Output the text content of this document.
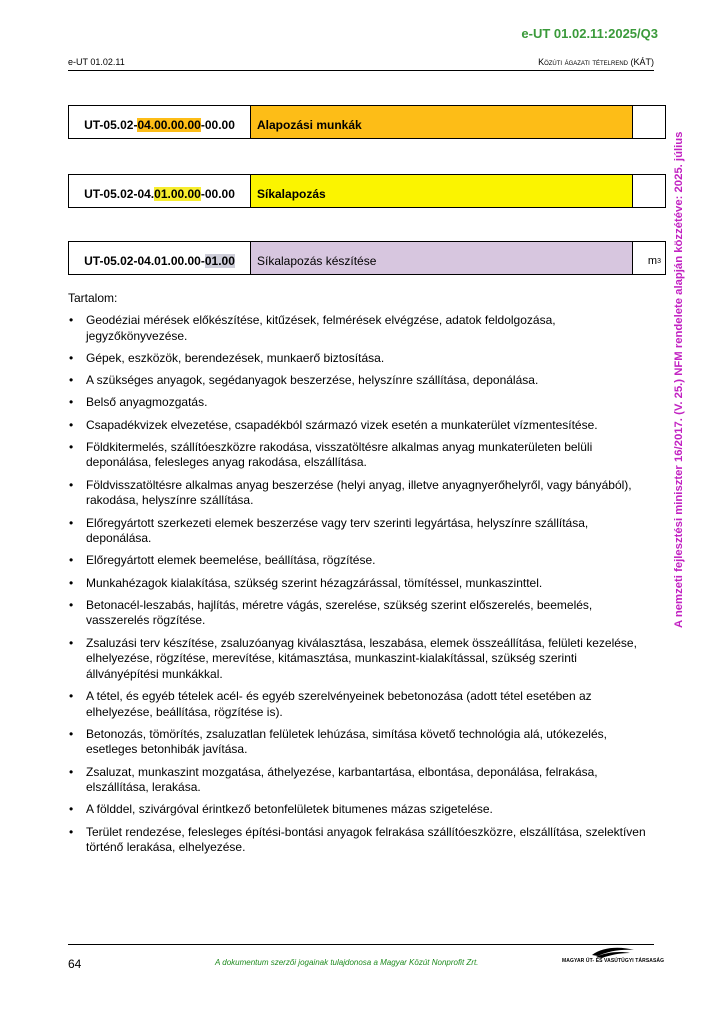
e-UT 01.02.11:2025/Q3
e-UT 01.02.11	Közúti ágazati tételrend (KÁT)
A nemzeti fejlesztési miniszter 16/2017. (V. 25.) NFM rendelete alapján közzétéve: 2025. július
UT-05.02- 04.00.00.00 -00.00	Alapozási munkák
UT-05.02-04. 01.00.00 -00.00	Síkalapozás
UT-05.02-04.01.00.00- 01.00	Síkalapozás készítése	m 3
Tartalom:
• Geodéziai mérések előkészítése, kitűzések, felmérések elvégzése, adatok feldolgozása, jegyzőkönyvezése.
• Gépek, eszközök, berendezések, munkaerő biztosítása.
• A szükséges anyagok, segédanyagok beszerzése, helyszínre szállítása, deponálása.
• Belső anyagmozgatás.
• Csapadékvizek elvezetése, csapadékból származó vizek esetén a munkaterület vízmentesítése.
• Földkitermelés, szállítóeszközre rakodása, visszatöltésre alkalmas anyag munkaterületen belüli deponálása, felesleges anyag rakodása, elszállítása.
• Földvisszatöltésre alkalmas anyag beszerzése (helyi anyag, illetve anyagnyerőhelyről, vagy bányából), rakodása, helyszínre szállítása.
• Előregyártott szerkezeti elemek beszerzése vagy terv szerinti legyártása, helyszínre szállítása, deponálása.
• Előregyártott elemek beemelése, beállítása, rögzítése.
• Munkahézagok kialakítása, szükség szerint hézagzárással, tömítéssel, munkaszinttel.
• Betonacél-leszabás, hajlítás, méretre vágás, szerelése, szükség szerint előszerelés, beemelés, vasszerelés rögzítése.
• Zsaluzási terv készítése, zsaluzóanyag kiválasztása, leszabása, elemek összeállítása, felületi kezelése, elhelyezése, rögzítése, merevítése, kitámasztása, munkaszint-kialakítással, szükség szerinti állványépítési munkákkal.
• A tétel, és egyéb tételek acél- és egyéb szerelvényeinek bebetonozása (adott tétel esetében az elhelyezése, beállítása, rögzítése is).
• Betonozás, tömörítés, zsaluzatlan felületek lehúzása, simítása követő technológia alá, utókezelés, esetleges betonhibák javítása.
• Zsaluzat, munkaszint mozgatása, áthelyezése, karbantartása, elbontása, deponálása, felrakása, elszállítása, lerakása.
• A földdel, szivárgóval érintkező betonfelületek bitumenes mázas szigetelése.
• Terület rendezése, felesleges építési-bontási anyagok felrakása szállítóeszközre, elszállítása, szelektíven történő lerakása, elhelyezése.
64	A dokumentum szerzői jogainak tulajdonosa a Magyar Közút Nonprofit Zrt.	MAGYAR ÚT- ÉS VASÚTÜGYI TÁRSASÁG
